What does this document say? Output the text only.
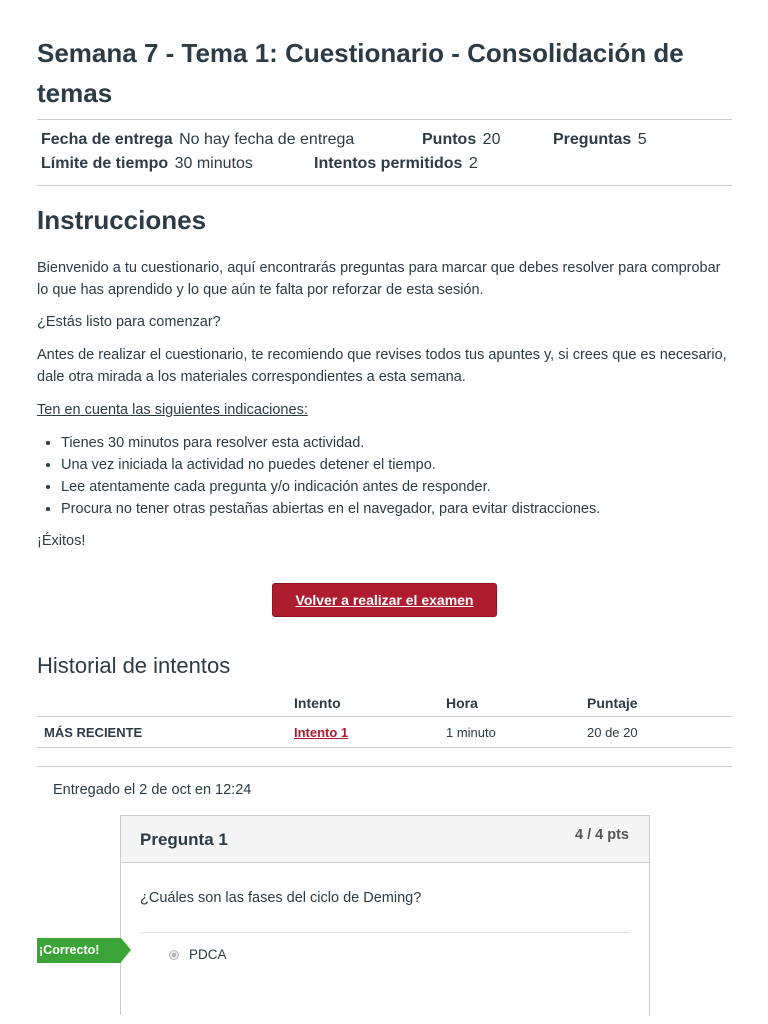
Semana 7 - Tema 1: Cuestionario - Consolidación de temas
Fecha de entrega No hay fecha de entrega	Puntos 20	Preguntas 5
Límite de tiempo 30 minutos	Intentos permitidos 2
Instrucciones

Bienvenido a tu cuestionario, aquí encontrarás preguntas para marcar que debes resolver para comprobar lo que has aprendido y lo que aún te falta por reforzar de esta sesión.

¿Estás listo para comenzar?

Antes de realizar el cuestionario, te recomiendo que revises todos tus apuntes y, si crees que es necesario, dale otra mirada a los materiales correspondientes a esta semana.

Ten en cuenta las siguientes indicaciones:

• Tienes 30 minutos para resolver esta actividad.
• Una vez iniciada la actividad no puedes detener el tiempo.
• Lee atentamente cada pregunta y/o indicación antes de responder.
• Procura no tener otras pestañas abiertas en el navegador, para evitar distracciones.

¡Éxitos!

Historial de intentos
	Intento	Hora	Puntaje
MÁS RECIENTE	Intento 1	1 minuto	20 de 20
Entregado el 2 de oct en 12:24
Volver a realizar el examen
Pregunta 1	4 / 4 pts
¿Cuáles son las fases del ciclo de Deming?
PDCA
¡Correcto!
